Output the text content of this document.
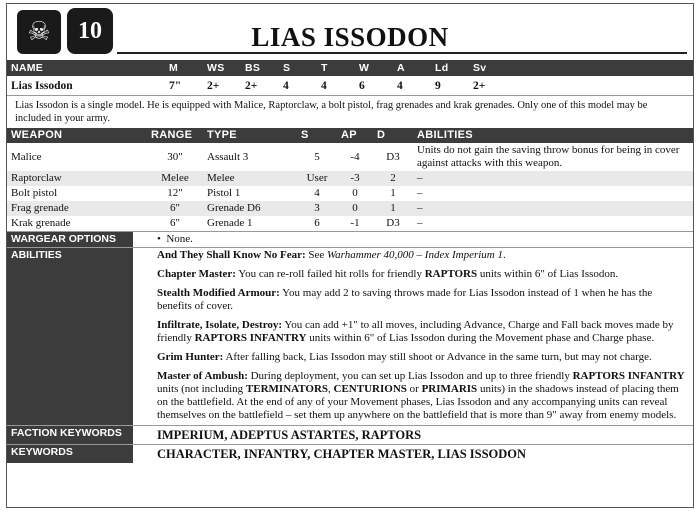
☠	10	LIAS ISSODON
NAME	M	WS	BS	S	T	W	A	Ld	Sv	
Lias Issodon	7"	2+	2+	4	4	6	4	9	2+	
Lias Issodon is a single model. He is equipped with Malice, Raptorclaw, a bolt pistol, frag grenades and krak grenades. Only one of this model may be included in your army.
WEAPON	RANGE	TYPE	S	AP	D	ABILITIES
Malice	30"	Assault 3	5	-4	D3	Units do not gain the saving throw bonus for being in cover against attacks with this weapon.
Raptorclaw	Melee	Melee	User	-3	2	–
Bolt pistol	12"	Pistol 1	4	0	1	–
Frag grenade	6"	Grenade D6	3	0	1	–
Krak grenade	6"	Grenade 1	6	-1	D3	–
WARGEAR OPTIONS	• None.
ABILITIES	And They Shall Know No Fear: See Warhammer 40,000 – Index Imperium 1.

Chapter Master: You can re-roll failed hit rolls for friendly RAPTORS units within 6" of Lias Issodon.

Stealth Modified Armour: You may add 2 to saving throws made for Lias Issodon instead of 1 when he has the benefits of cover.

Infiltrate, Isolate, Destroy: You can add +1" to all moves, including Advance, Charge and Fall back moves made by friendly RAPTORS INFANTRY units within 6" of Lias Issodon during the Movement phase and Charge phase.

Grim Hunter: After falling back, Lias Issodon may still shoot or Advance in the same turn, but may not charge.

Master of Ambush: During deployment, you can set up Lias Issodon and up to three friendly RAPTORS INFANTRY units (not including TERMINATORS, CENTURIONS or PRIMARIS units) in the shadows instead of placing them on the battlefield. At the end of any of your Movement phases, Lias Issodon and any accompanying units can reveal themselves on the battlefield – set them up anywhere on the battlefield that is more than 9" away from enemy models.

FACTION KEYWORDS	IMPERIUM, ADEPTUS ASTARTES, RAPTORS
KEYWORDS	CHARACTER, INFANTRY, CHAPTER MASTER, LIAS ISSODON
